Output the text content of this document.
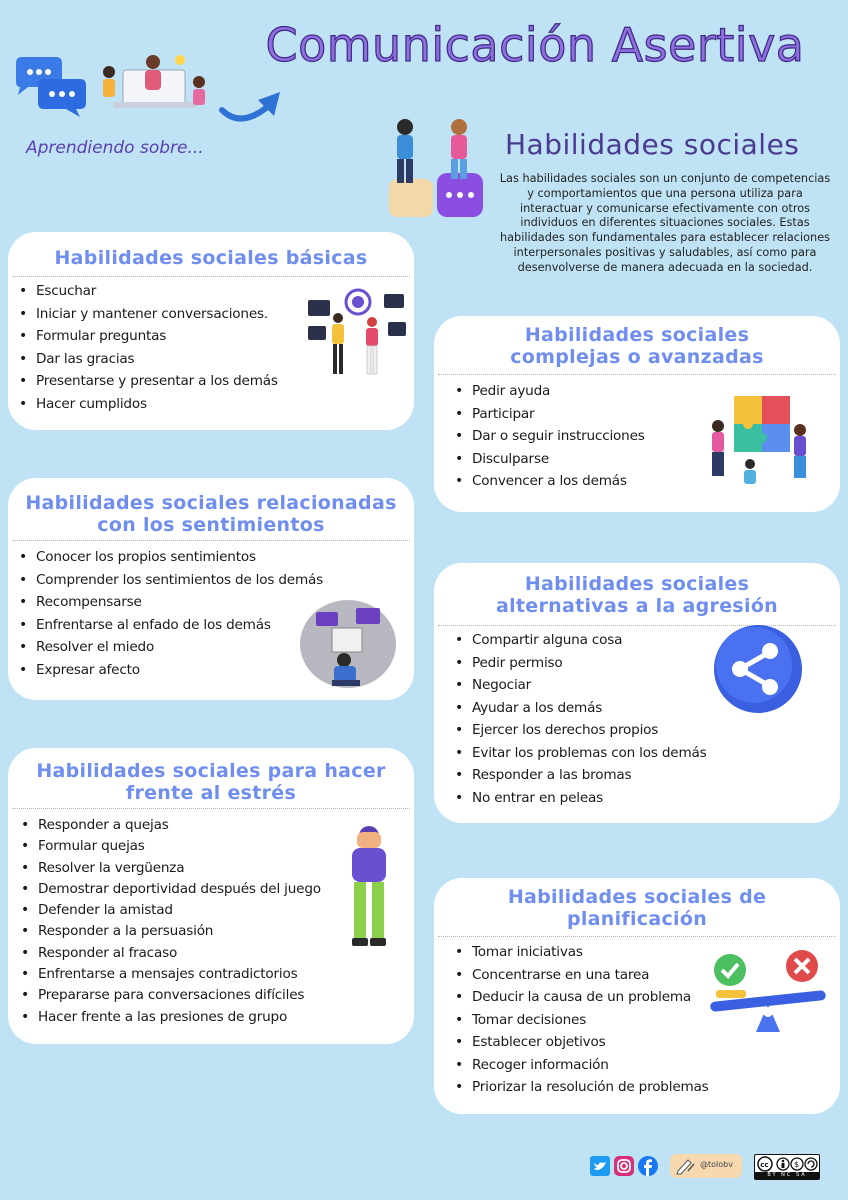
Comunicación Asertiva
Aprendiendo sobre...	Habilidades sociales
Las habilidades sociales son un conjunto de competencias y comportamientos que una persona utiliza para interactuar y comunicarse efectivamente con otros individuos en diferentes situaciones sociales. Estas habilidades son fundamentales para establecer relaciones interpersonales positivas y saludables, así como para desenvolverse de manera adecuada en la sociedad.
Habilidades sociales básicas
• Escuchar
• Iniciar y mantener conversaciones.
• Formular preguntas
• Dar las gracias
• Presentarse y presentar a los demás
• Hacer cumplidos
Habilidades sociales complejas o avanzadas
• Pedir ayuda
• Participar
• Dar o seguir instrucciones
• Disculparse
• Convencer a los demás
Habilidades sociales relacionadas con los sentimientos
• Conocer los propios sentimientos
• Comprender los sentimientos de los demás
• Recompensarse
• Enfrentarse al enfado de los demás
• Resolver el miedo
• Expresar afecto
Habilidades sociales alternativas a la agresión
• Compartir alguna cosa
• Pedir permiso
• Negociar
• Ayudar a los demás
• Ejercer los derechos propios
• Evitar los problemas con los demás
• Responder a las bromas
• No entrar en peleas
Habilidades sociales para hacer frente al estrés
• Responder a quejas
• Formular quejas
• Resolver la vergüenza
• Demostrar deportividad después del juego
• Defender la amistad
• Responder a la persuasión
• Responder al fracaso
• Enfrentarse a mensajes contradictorios
• Prepararse para conversaciones difíciles
• Hacer frente a las presiones de grupo
Habilidades sociales de planificación
• Tomar iniciativas
• Concentrarse en una tarea
• Deducir la causa de un problema
• Tomar decisiones
• Establecer objetivos
• Recoger información
• Priorizar la resolución de problemas
@tolobv	cc	$
BY NC SA
